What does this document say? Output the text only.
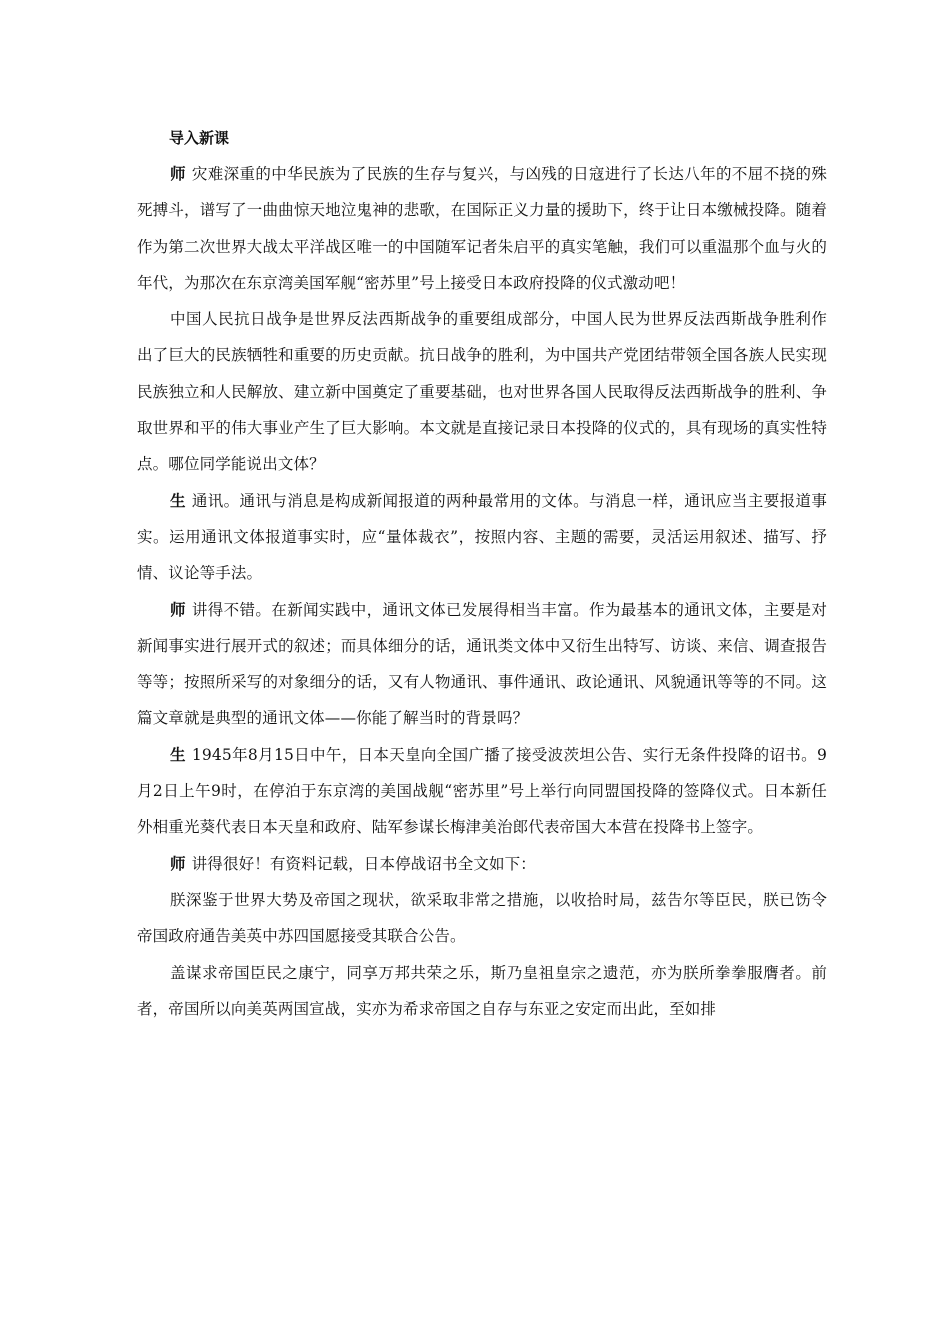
导入新课

师 灾难深重的中华民族为了民族的生存与复兴，与凶残的日寇进行了长达八年的不屈不挠的殊死搏斗，谱写了一曲曲惊天地泣鬼神的悲歌，在国际正义力量的援助下，终于让日本缴械投降。随着作为第二次世界大战太平洋战区唯一的中国随军记者朱启平的真实笔触，我们可以重温那个血与火的年代，为那次在东京湾美国军舰“密苏里”号上接受日本政府投降的仪式激动吧！

中国人民抗日战争是世界反法西斯战争的重要组成部分，中国人民为世界反法西斯战争胜利作出了巨大的民族牺牲和重要的历史贡献。抗日战争的胜利，为中国共产党团结带领全国各族人民实现民族独立和人民解放、建立新中国奠定了重要基础，也对世界各国人民取得反法西斯战争的胜利、争取世界和平的伟大事业产生了巨大影响。本文就是直接记录日本投降的仪式的，具有现场的真实性特点。哪位同学能说出文体？

生 通讯。通讯与消息是构成新闻报道的两种最常用的文体。与消息一样，通讯应当主要报道事实。运用通讯文体报道事实时，应“量体裁衣”，按照内容、主题的需要，灵活运用叙述、描写、抒情、议论等手法。

师 讲得不错。在新闻实践中，通讯文体已发展得相当丰富。作为最基本的通讯文体，主要是对新闻事实进行展开式的叙述；而具体细分的话，通讯类文体中又衍生出特写、访谈、来信、调查报告等等；按照所采写的对象细分的话，又有人物通讯、事件通讯、政论通讯、风貌通讯等等的不同。这篇文章就是典型的通讯文体——你能了解当时的背景吗？

生 1945年8月15日中午，日本天皇向全国广播了接受波茨坦公告、实行无条件投降的诏书。9月2日上午9时，在停泊于东京湾的美国战舰“密苏里”号上举行向同盟国投降的签降仪式。日本新任外相重光葵代表日本天皇和政府、陆军参谋长梅津美治郎代表帝国大本营在投降书上签字。

师 讲得很好！有资料记载，日本停战诏书全文如下：

朕深鉴于世界大势及帝国之现状，欲采取非常之措施，以收拾时局，兹告尔等臣民，朕已饬令帝国政府通告美英中苏四国愿接受其联合公告。

盖谋求帝国臣民之康宁，同享万邦共荣之乐，斯乃皇祖皇宗之遗范，亦为朕所拳拳服膺者。前者，帝国所以向美英两国宣战，实亦为希求帝国之自存与东亚之安定而出此，至如排
